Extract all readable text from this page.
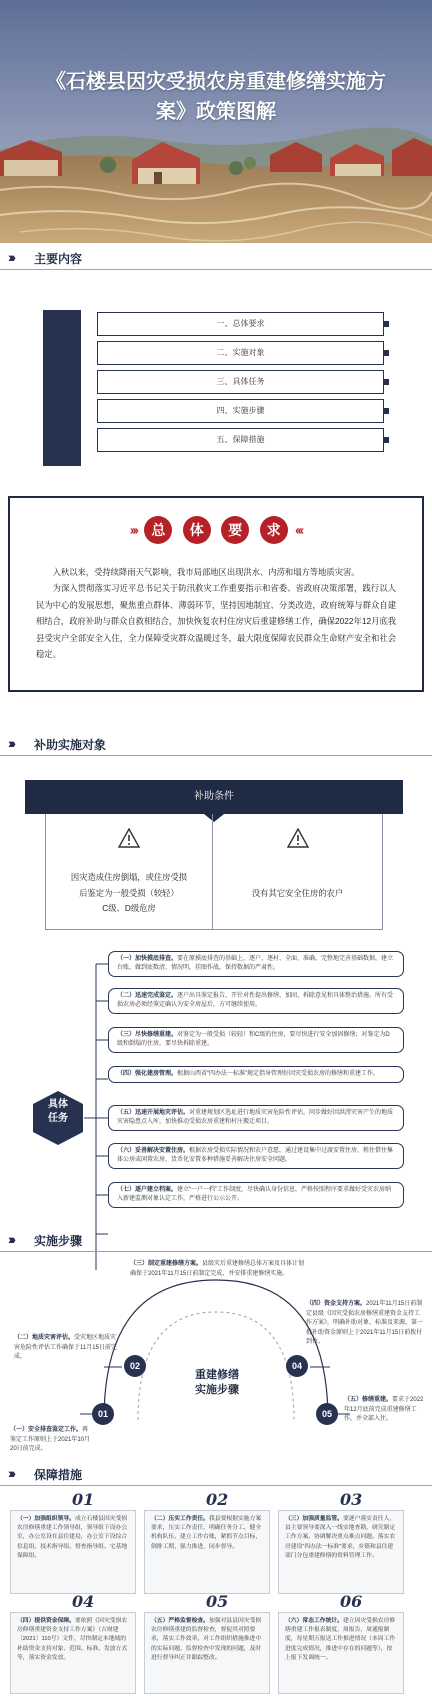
《石楼县因灾受损农房重建修缮实施方案》政策图解
››› 主要内容
一、总体要求
二、实施对象
三、具体任务
四、实施步骤
五、保障措施
››› 总 体 要 求 ‹‹‹

入秋以来，受持续降雨天气影响，我市局部地区出现洪水、内涝和塌方等地质灾害。

为深入贯彻落实习近平总书记关于防汛救灾工作重要指示和省委、省政府决策部署，践行以人民为中心的发展思想，聚焦重点群体、薄弱环节，坚持因地制宜、分类改造，政府统筹与群众自建相结合，政府补助与群众自救相结合，加快恢复农村住房灾后重建修缮工作，确保2022年12月底我县受灾户全部安全入住，全力保障受灾群众温暖过冬，最大限度保障农民群众生命财产安全和社会稳定。

››› 补助实施对象
补助条件
因灾造成住房倒塌，或住房受损
后鉴定为一般受损（较轻）
C级、D级危房
没有其它安全住房的农户
具体
任务
（一）加快摸底排查。要在原摸底排查的基础上，逐户、逐村、全面、准确、完整地完善基础数据，建立台账，做到底数清、情况明，挂图作战，保持数据的严肃性。
（二）迅速完成鉴定。逐户出具鉴定报告，开针对性提出修缮、加固、拆除意见和具体整治措施。所有受损农房必须经鉴定确认为安全房屋后，方可继续使用。
（三）尽快修缮重建。对鉴定为一般受损（较轻）和C级的住房，要尽快进行安全加固修缮；对鉴定为D级和倒塌的住房，要尽快拆除重建。
（四）强化建房管理。根据山西省“四办法一标准”规定指导管理好因灾受损农房的修缮和重建工作。
（五）迅速开展地灾评估。对重建规划区选址进行地质灾害危险性评估，同步做好因洪涝灾害产生的地质灾害隐患点入库，加快推动受损农房重建和村庄搬迁项目。
（六）妥善解决安置住房。根据农房受损实际情况和农户意愿，通过建设集中过渡安置住房、租住借住集体公房或闲置农房、货币化安置多种措施妥善解决住房安全问题。
（七）逐户建立档案。建立“一户一档”工作制度，尽快确认身份信息，严格按照程序要求做好受灾农房纳入新建监测对象认定工作，严格进行公示公开。
››› 实施步骤
01
02	04
05
重建修缮
实施步骤
（三）制定重建修缮方案。县级灾后重建修缮总体方案及具体计划确保于2021年11月15日前制定完成，并安排重建修缮实施。
（二）地质灾害评估。受灾地区地质灾害危险性评估工作确保于11月15日前完成。
（四）资金支持方案。2021年11月15日前制定县级《因灾受损农房修缮重建资金支持工作方案》，明确补助对象、标准及来源，第一批补助资金原则上于2021年11月15日前拨付到位。
（一）安全排查鉴定工作。再鉴定工作原则上于2021年10月20日前完成。
（五）修缮重建。要求于2022年12月底前完成重建修缮工作，并全部入住。
››› 保障措施
01	02	03
（一）加强组织领导。成立石楼县因灾受损农房修缮重建工作领导组，领导组下设办公室，办公室设在县住建局，办公室下设综合信息组、技术指导组、督查指导组、宅基地保障组。
（二）压实工作责任。我县要根据实施方案要求，压实工作责任，明确任务分工，健全机构队伍，建立工作台账，紧抓节点目标，倒排工期，强力推进，同步督导。
（三）加强质量监管。要逐户落实责任人，县主要领导要深入一线实地查勘，研究制定工作方案，协调解决重点难点问题。落实农房建设“四办法一标准”要求，乡镇和县住建部门分包重建修缮的资料管理工作。
04	05	06
（四）提供资金保障。要依照《因灾受损农房修缮重建资金支持工作方案》（吉财建〔2021〕110号）文件，尽快制定本地域的补助资金支持对象、范围、标准、发放方式等，落实资金发放。
（五）严格监督检查。加强对县县因灾受损农房修缮重建的监督检查，督促其对照要求，落实工作效率，对工作组织措施推进中的实际问题、监督检查中发现的问题，及时进行督导纠正并跟踪整改。
（六）常态工作统计。建立因灾受损农房修缮重建工作报表制度，周报告，周通报制度，每星期五报送工作推进情况（本周工作进度完成情况，推进中存在的问题等），按上报下发调统一。
